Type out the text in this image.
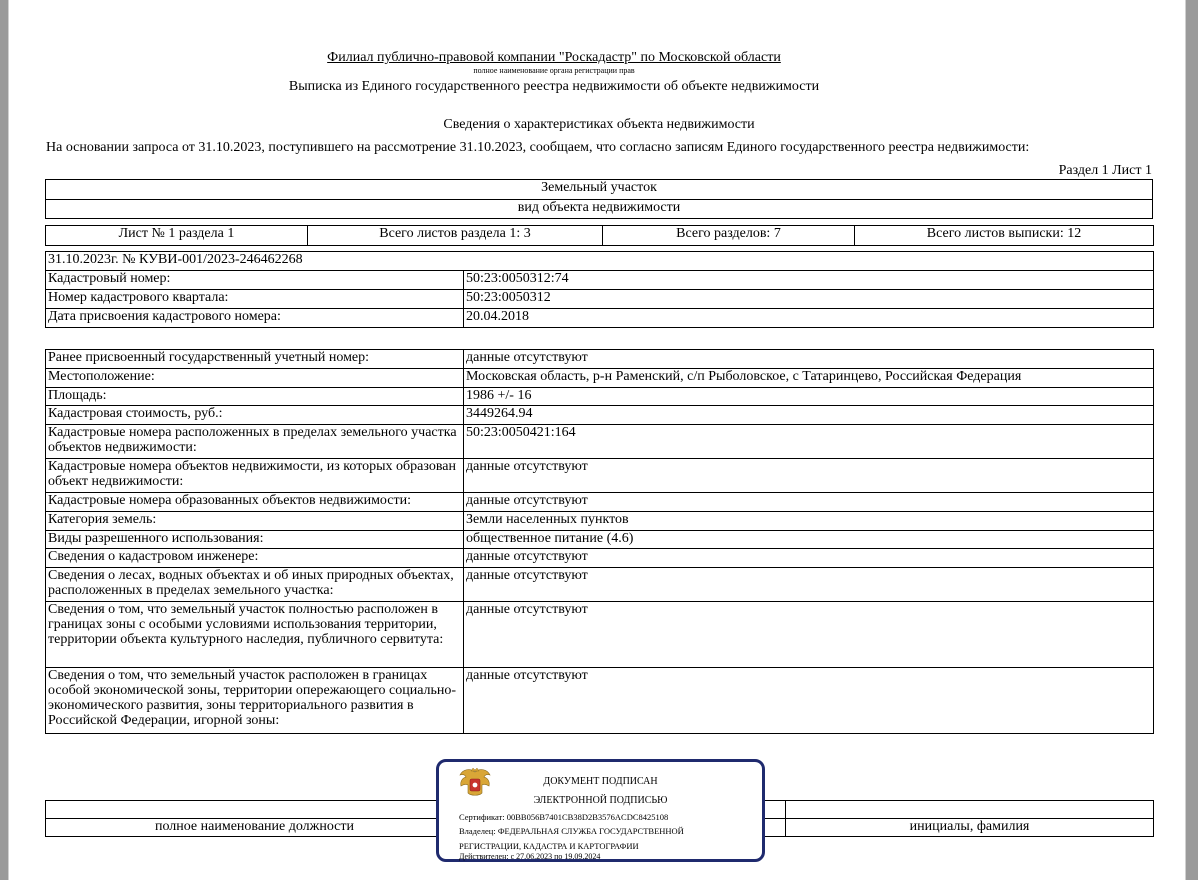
Филиал публично-правовой компании "Роскадастр" по Московской области
полное наименование органа регистрации прав
Выписка из Единого государственного реестра недвижимости об объекте недвижимости
Сведения о характеристиках объекта недвижимости
На основании запроса от 31.10.2023, поступившего на рассмотрение 31.10.2023, сообщаем, что согласно записям Единого государственного реестра недвижимости:
Раздел 1 Лист 1
Земельный участок
вид объекта недвижимости
Лист № 1 раздела 1	Всего листов раздела 1: 3	Всего разделов: 7	Всего листов выписки: 12
31.10.2023г. № КУВИ-001/2023-246462268	
Кадастровый номер:	50:23:0050312:74
Номер кадастрового квартала:	50:23:0050312
Дата присвоения кадастрового номера:	20.04.2018
Ранее присвоенный государственный учетный номер:	данные отсутствуют
Местоположение:	Московская область, р-н Раменский, с/п Рыболовское, с Татаринцево, Российская Федерация
Площадь:	1986 +/- 16
Кадастровая стоимость, руб.:	3449264.94
Кадастровые номера расположенных в пределах земельного участка объектов недвижимости:	50:23:0050421:164
Кадастровые номера объектов недвижимости, из которых образован объект недвижимости:	данные отсутствуют
Кадастровые номера образованных объектов недвижимости:	данные отсутствуют
Категория земель:	Земли населенных пунктов
Виды разрешенного использования:	общественное питание (4.6)
Сведения о кадастровом инженере:	данные отсутствуют
Сведения о лесах, водных объектах и об иных природных объектах, расположенных в пределах земельного участка:	данные отсутствуют
Сведения о том, что земельный участок полностью расположен в границах зоны с особыми условиями использования территории, территории объекта культурного наследия, публичного сервитута:	данные отсутствуют
Сведения о том, что земельный участок расположен в границах особой экономической зоны, территории опережающего социально-экономического развития, зоны территориального развития в Российской Федерации, игорной зоны:	данные отсутствуют

полное наименование должности		инициалы, фамилия
ДОКУМЕНТ ПОДПИСАН
ЭЛЕКТРОННОЙ ПОДПИСЬЮ
Сертификат: 00BB056B7401CB38D2B3576ACDC8425108
Владелец: ФЕДЕРАЛЬНАЯ СЛУЖБА ГОСУДАРСТВЕННОЙ
РЕГИСТРАЦИИ, КАДАСТРА И КАРТОГРАФИИ
Действителен: с 27.06.2023 по 19.09.2024
